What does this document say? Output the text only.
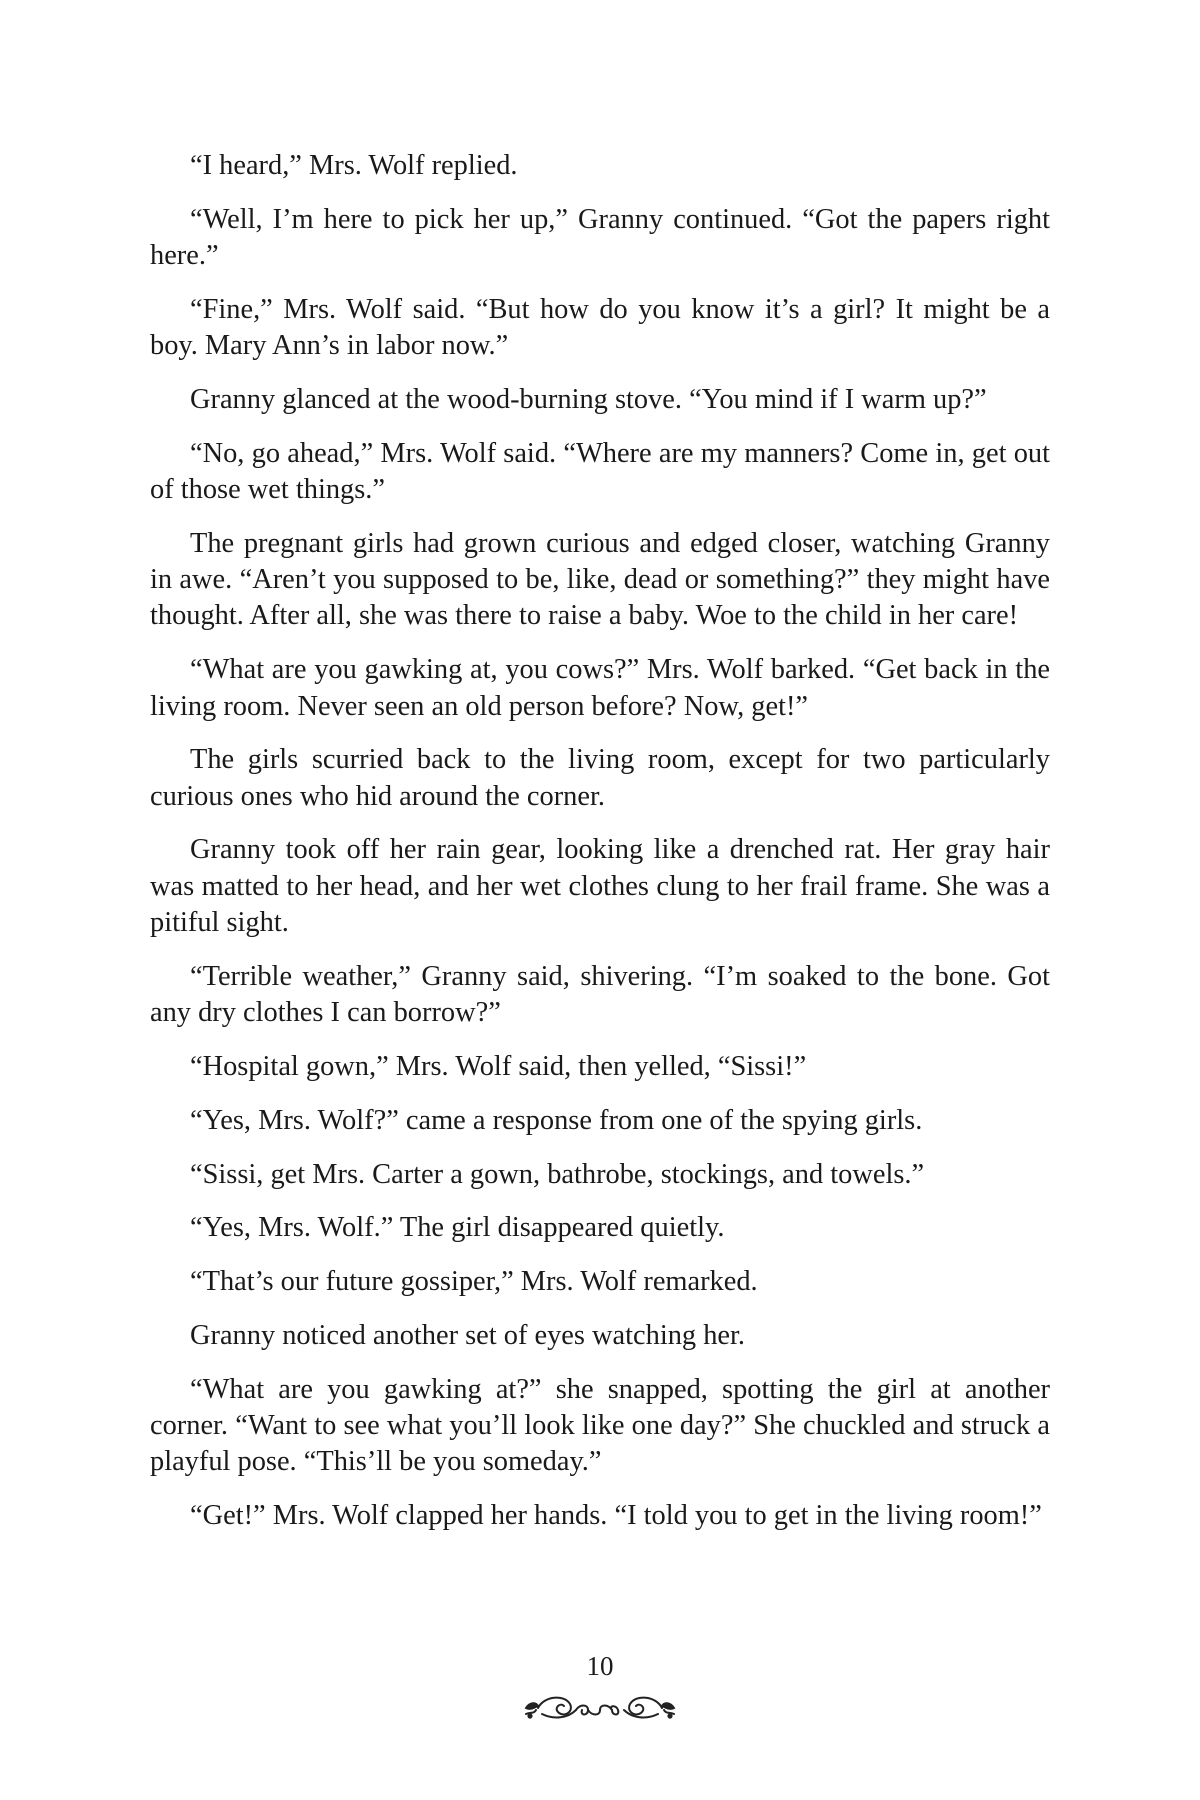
“I heard,” Mrs. Wolf replied.

“Well, I’m here to pick her up,” Granny continued. “Got the papers right here.”

“Fine,” Mrs. Wolf said. “But how do you know it’s a girl? It might be a boy. Mary Ann’s in labor now.”

Granny glanced at the wood-burning stove. “You mind if I warm up?”

“No, go ahead,” Mrs. Wolf said. “Where are my manners? Come in, get out of those wet things.”

The pregnant girls had grown curious and edged closer, watching Granny in awe. “Aren’t you supposed to be, like, dead or something?” they might have thought. After all, she was there to raise a baby. Woe to the child in her care!

“What are you gawking at, you cows?” Mrs. Wolf barked. “Get back in the living room. Never seen an old person before? Now, get!”

The girls scurried back to the living room, except for two particularly curious ones who hid around the corner.

Granny took off her rain gear, looking like a drenched rat. Her gray hair was matted to her head, and her wet clothes clung to her frail frame. She was a pitiful sight.

“Terrible weather,” Granny said, shivering. “I’m soaked to the bone. Got any dry clothes I can borrow?”

“Hospital gown,” Mrs. Wolf said, then yelled, “Sissi!”

“Yes, Mrs. Wolf?” came a response from one of the spying girls.

“Sissi, get Mrs. Carter a gown, bathrobe, stockings, and towels.”

“Yes, Mrs. Wolf.” The girl disappeared quietly.

“That’s our future gossiper,” Mrs. Wolf remarked.

Granny noticed another set of eyes watching her.

“What are you gawking at?” she snapped, spotting the girl at another corner. “Want to see what you’ll look like one day?” She chuckled and struck a playful pose. “This’ll be you someday.”

“Get!” Mrs. Wolf clapped her hands. “I told you to get in the living room!”

10
